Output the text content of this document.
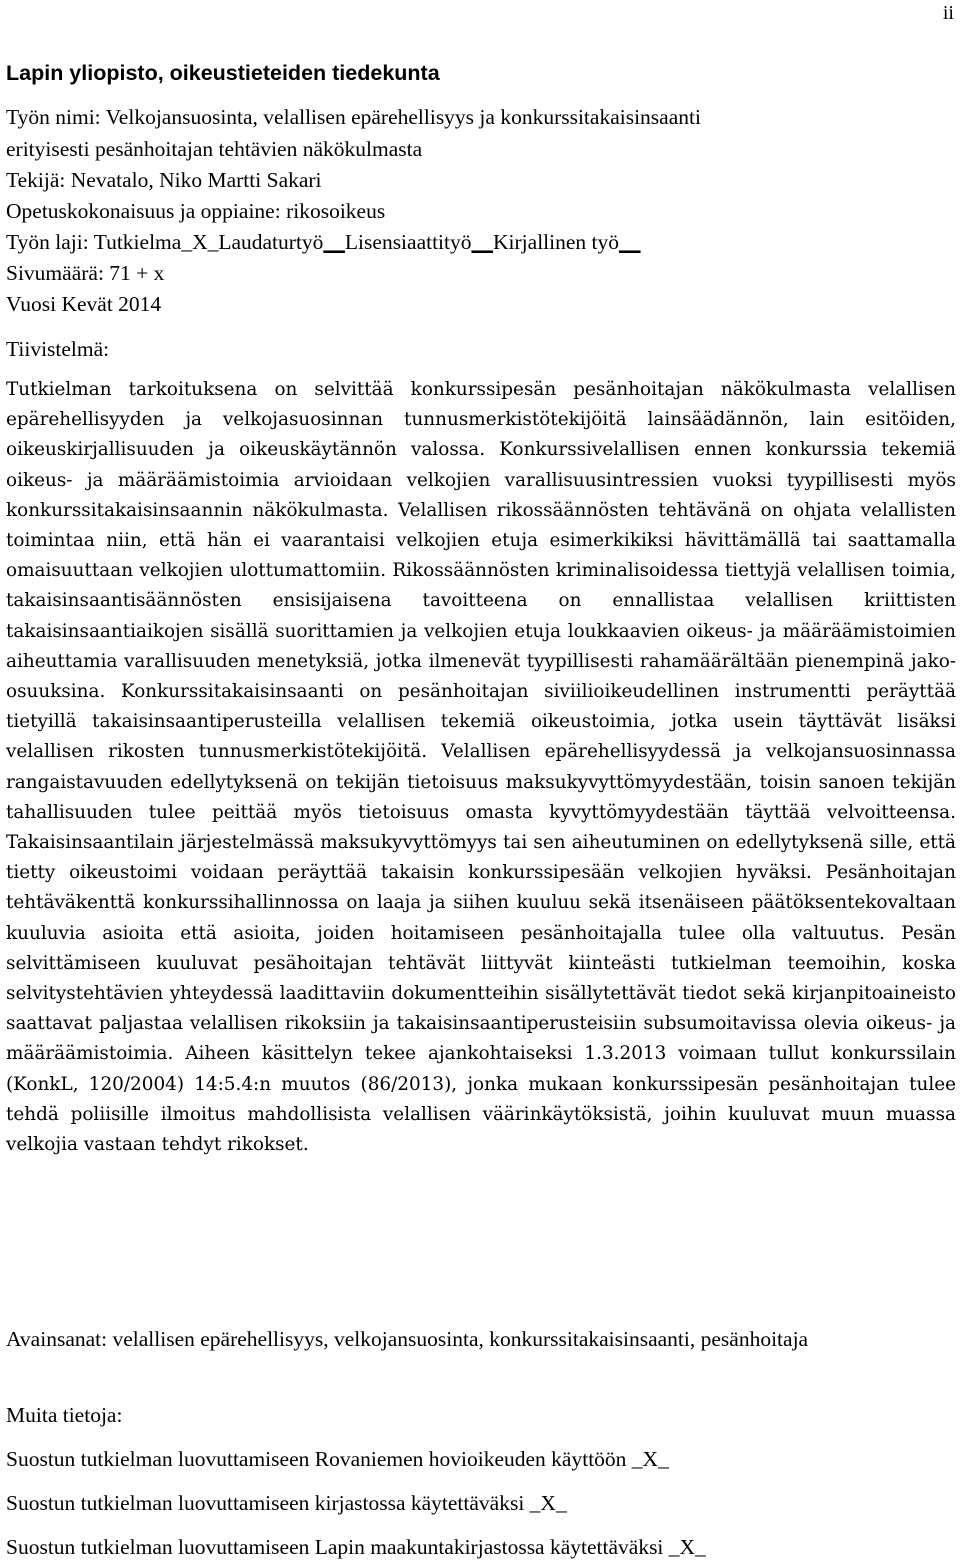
ii
Lapin yliopisto, oikeustieteiden tiedekunta
Työn nimi: Velkojansuosinta, velallisen epärehellisyys ja konkurssitakaisinsaanti
erityisesti pesänhoitajan tehtävien näkökulmasta
Tekijä: Nevatalo, Niko Martti Sakari
Opetuskokonaisuus ja oppiaine: rikosoikeus
Työn laji: Tutkielma_X_Laudaturtyö__Lisensiaattityö__Kirjallinen työ__
Sivumäärä: 71 + x
Vuosi Kevät 2014
Tiivistelmä:

Tutkielman tarkoituksena on selvittää konkurssipesän pesänhoitajan näkökulmasta velallisen epärehellisyyden ja velkojasuosinnan tunnusmerkistötekijöitä lainsäädännön, lain esitöiden, oikeuskirjallisuuden ja oikeuskäytännön valossa. Konkurssivelallisen ennen konkurssia tekemiä oikeus- ja määräämistoimia arvioidaan velkojien varallisuusintressien vuoksi tyypillisesti myös konkurssitakaisinsaannin näkökulmasta. Velallisen rikossäännösten tehtävänä on ohjata velallisten toimintaa niin, että hän ei vaarantaisi velkojien etuja esimerkikiksi hävittämällä tai saattamalla omaisuuttaan velkojien ulottumattomiin. Rikossäännösten kriminalisoidessa tiettyjä velallisen toimia, takaisinsaantisäännösten ensisijaisena tavoitteena on ennallistaa velallisen kriittisten takaisinsaantiaikojen sisällä suorittamien ja velkojien etuja loukkaavien oikeus- ja määräämistoimien aiheuttamia varallisuuden menetyksiä, jotka ilmenevät tyypillisesti rahamäärältään pienempinä jako-osuuksina. Konkurssitakaisinsaanti on pesänhoitajan siviilioikeudellinen instrumentti peräyttää tietyillä takaisinsaantiperusteilla velallisen tekemiä oikeustoimia, jotka usein täyttävät lisäksi velallisen rikosten tunnusmerkistötekijöitä. Velallisen epärehellisyydessä ja velkojansuosinnassa rangaistavuuden edellytyksenä on tekijän tietoisuus maksukyvyttömyydestään, toisin sanoen tekijän tahallisuuden tulee peittää myös tietoisuus omasta kyvyttömyydestään täyttää velvoitteensa. Takaisinsaantilain järjestelmässä maksukyvyttömyys tai sen aiheutuminen on edellytyksenä sille, että tietty oikeustoimi voidaan peräyttää takaisin konkurssipesään velkojien hyväksi. Pesänhoitajan tehtäväkenttä konkurssihallinnossa on laaja ja siihen kuuluu sekä itsenäiseen päätöksentekovaltaan kuuluvia asioita että asioita, joiden hoitamiseen pesänhoitajalla tulee olla valtuutus. Pesän selvittämiseen kuuluvat pesähoitajan tehtävät liittyvät kiinteästi tutkielman teemoihin, koska selvitystehtävien yhteydessä laadittaviin dokumentteihin sisällytettävät tiedot sekä kirjanpitoaineisto saattavat paljastaa velallisen rikoksiin ja takaisinsaantiperusteisiin subsumoitavissa olevia oikeus- ja määräämistoimia. Aiheen käsittelyn tekee ajankohtaiseksi 1.3.2013 voimaan tullut konkurssilain (KonkL, 120/2004) 14:5.4:n muutos (86/2013), jonka mukaan konkurssipesän pesänhoitajan tulee tehdä poliisille ilmoitus mahdollisista velallisen väärinkäytöksistä, joihin kuuluvat muun muassa velkojia vastaan tehdyt rikokset.

Avainsanat: velallisen epärehellisyys, velkojansuosinta, konkurssitakaisinsaanti, pesänhoitaja

Muita tietoja:
Suostun tutkielman luovuttamiseen Rovaniemen hovioikeuden käyttöön _X_
Suostun tutkielman luovuttamiseen kirjastossa käytettäväksi _X_
Suostun tutkielman luovuttamiseen Lapin maakuntakirjastossa käytettäväksi _X_
